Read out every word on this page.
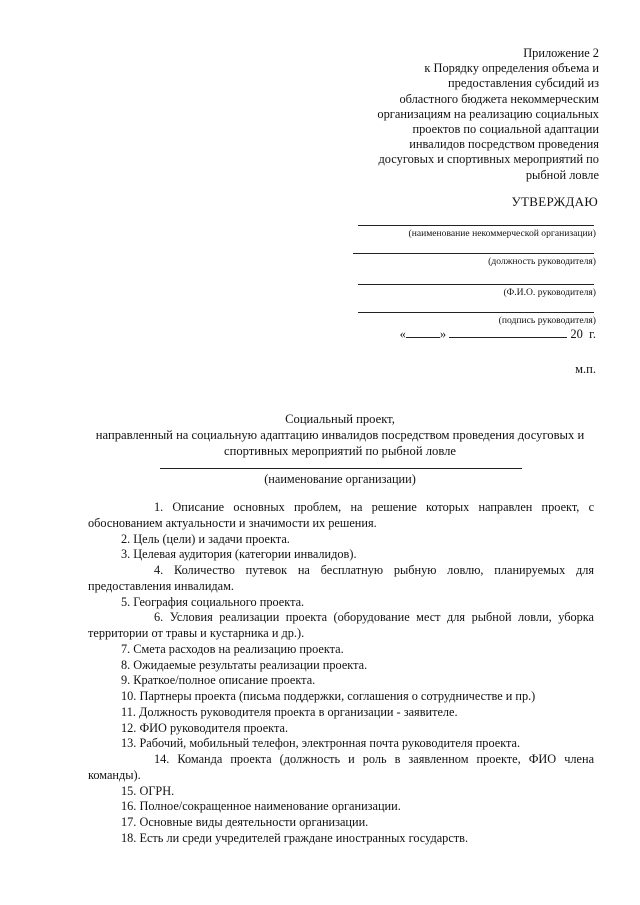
Приложение 2
к Порядку определения объема и
предоставления субсидий из
областного бюджета некоммерческим
организациям на реализацию социальных
проектов по социальной адаптации
инвалидов посредством проведения
досуговых и спортивных мероприятий по
рыбной ловле
УТВЕРЖДАЮ
(наименование некоммерческой организации)
(должность руководителя)
(Ф.И.О. руководителя)
(подпись руководителя)
«	»	20 г.
м.п.
Социальный проект,
направленный на социальную адаптацию инвалидов посредством проведения досуговых и
спортивных мероприятий по рыбной ловле
(наименование организации)
1. Описание основных проблем, на решение которых направлен проект, с
обоснованием актуальности и значимости их решения.
2. Цель (цели) и задачи проекта.
3. Целевая аудитория (категории инвалидов).
4. Количество путевок на бесплатную рыбную ловлю, планируемых для
предоставления инвалидам.
5. География социального проекта.
6. Условия реализации проекта (оборудование мест для рыбной ловли, уборка
территории от травы и кустарника и др.).
7. Смета расходов на реализацию проекта.
8. Ожидаемые результаты реализации проекта.
9. Краткое/полное описание проекта.
10. Партнеры проекта (письма поддержки, соглашения о сотрудничестве и пр.)
11. Должность руководителя проекта в организации - заявителе.
12. ФИО руководителя проекта.
13. Рабочий, мобильный телефон, электронная почта руководителя проекта.
14. Команда проекта (должность и роль в заявленном проекте, ФИО члена
команды).
15. ОГРН.
16. Полное/сокращенное наименование организации.
17. Основные виды деятельности организации.
18. Есть ли среди учредителей граждане иностранных государств.
